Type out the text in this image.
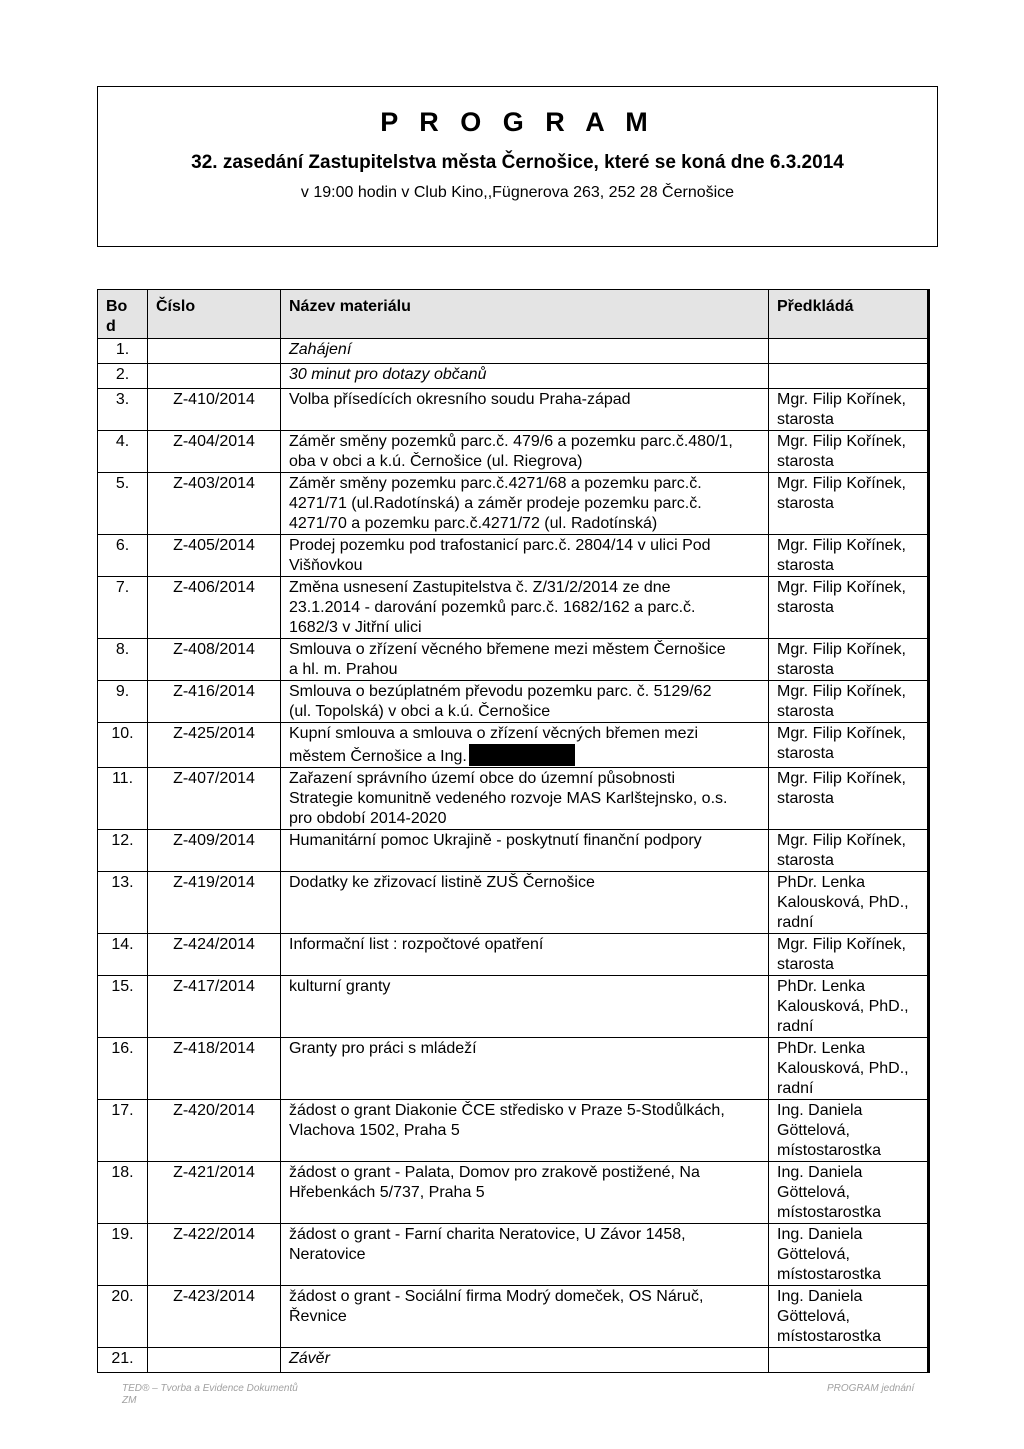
P R O G R A M
32. zasedání Zastupitelstva města Černošice, které se koná dne 6.3.2014
v 19:00 hodin v Club Kino,,Fügnerova 263, 252 28 Černošice
Bo
d	Číslo	Název materiálu	Předkládá
1.		Zahájení	
2.		30 minut pro dotazy občanů	
3.	Z-410/2014	Volba přísedících okresního soudu Praha-západ	Mgr. Filip Kořínek,
starosta
4.	Z-404/2014	Záměr směny pozemků parc.č. 479/6 a pozemku parc.č.480/1,
oba v obci a k.ú. Černošice (ul. Riegrova)	Mgr. Filip Kořínek,
starosta
5.	Z-403/2014	Záměr směny pozemku parc.č.4271/68 a pozemku parc.č.
4271/71 (ul.Radotínská) a záměr prodeje pozemku parc.č.
4271/70 a pozemku parc.č.4271/72 (ul. Radotínská)	Mgr. Filip Kořínek,
starosta
6.	Z-405/2014	Prodej pozemku pod trafostanicí parc.č. 2804/14 v ulici Pod
Višňovkou	Mgr. Filip Kořínek,
starosta
7.	Z-406/2014	Změna usnesení Zastupitelstva č. Z/31/2/2014 ze dne
23.1.2014 - darování pozemků parc.č. 1682/162 a parc.č.
1682/3 v Jitřní ulici	Mgr. Filip Kořínek,
starosta
8.	Z-408/2014	Smlouva o zřízení věcného břemene mezi městem Černošice
a hl. m. Prahou	Mgr. Filip Kořínek,
starosta
9.	Z-416/2014	Smlouva o bezúplatném převodu pozemku parc. č. 5129/62
(ul. Topolská) v obci a k.ú. Černošice	Mgr. Filip Kořínek,
starosta
10.	Z-425/2014	Kupní smlouva a smlouva o zřízení věcných břemen mezi
městem Černošice a Ing.	Mgr. Filip Kořínek,
starosta
11.	Z-407/2014	Zařazení správního území obce do územní působnosti
Strategie komunitně vedeného rozvoje MAS Karlštejnsko, o.s.
pro období 2014-2020	Mgr. Filip Kořínek,
starosta
12.	Z-409/2014	Humanitární pomoc Ukrajině - poskytnutí finanční podpory	Mgr. Filip Kořínek,
starosta
13.	Z-419/2014	Dodatky ke zřizovací listině ZUŠ Černošice	PhDr. Lenka
Kalousková, PhD.,
radní
14.	Z-424/2014	Informační list : rozpočtové opatření	Mgr. Filip Kořínek,
starosta
15.	Z-417/2014	kulturní granty	PhDr. Lenka
Kalousková, PhD.,
radní
16.	Z-418/2014	Granty pro práci s mládeží	PhDr. Lenka
Kalousková, PhD.,
radní
17.	Z-420/2014	žádost o grant Diakonie ČCE středisko v Praze 5-Stodůlkách,
Vlachova 1502, Praha 5	Ing. Daniela
Göttelová,
místostarostka
18.	Z-421/2014	žádost o grant - Palata, Domov pro zrakově postižené, Na
Hřebenkách 5/737, Praha 5	Ing. Daniela
Göttelová,
místostarostka
19.	Z-422/2014	žádost o grant - Farní charita Neratovice, U Závor 1458,
Neratovice	Ing. Daniela
Göttelová,
místostarostka
20.	Z-423/2014	žádost o grant - Sociální firma Modrý domeček, OS Náruč,
Řevnice	Ing. Daniela
Göttelová,
místostarostka
21.		Závěr	
TED® – Tvorba a Evidence Dokumentů
ZM
PROGRAM jednání
